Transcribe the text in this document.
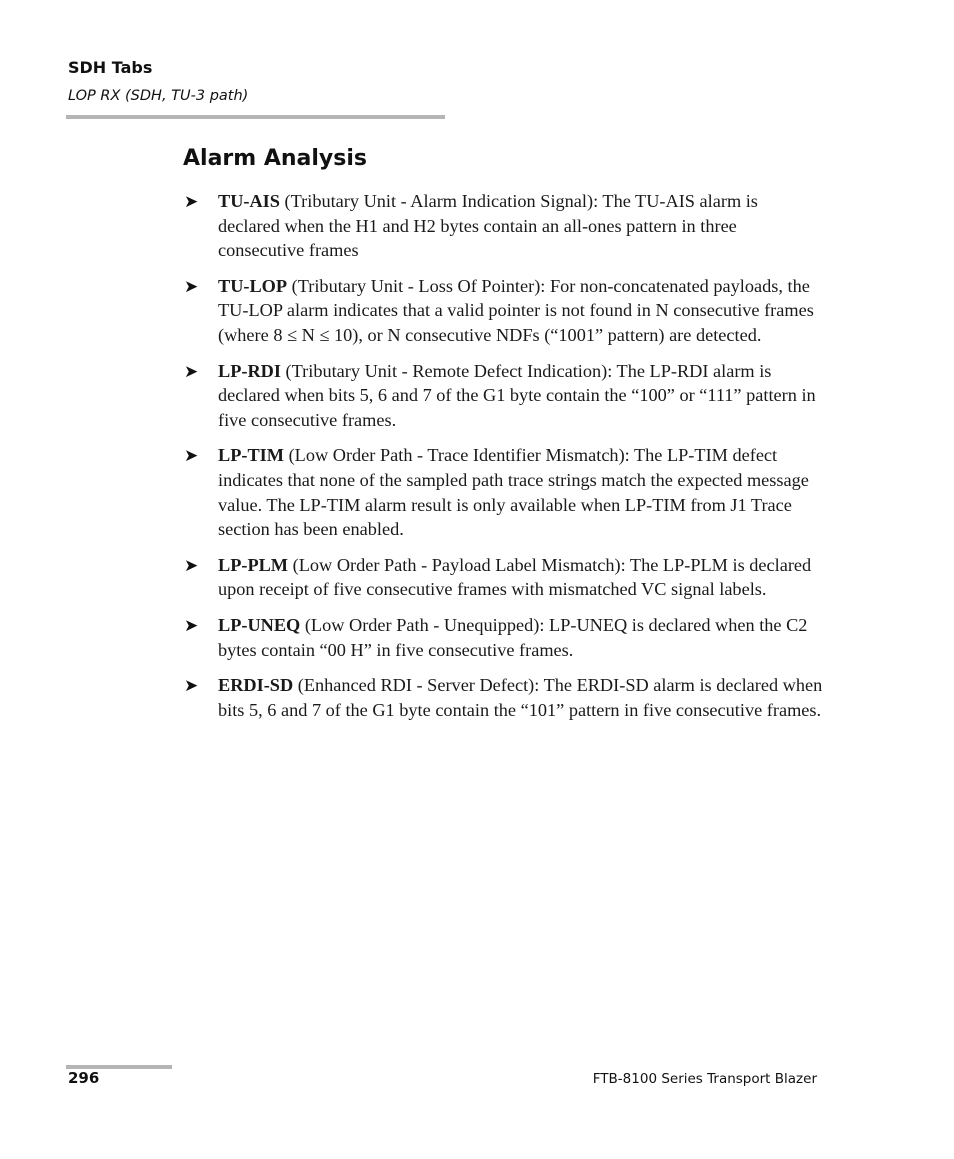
SDH Tabs
LOP RX (SDH, TU-3 path)
Alarm Analysis
➤ TU-AIS (Tributary Unit - Alarm Indication Signal): The TU-AIS alarm is declared when the H1 and H2 bytes contain an all-ones pattern in three consecutive frames
➤ TU-LOP (Tributary Unit - Loss Of Pointer): For non-concatenated payloads, the TU-LOP alarm indicates that a valid pointer is not found in N consecutive frames (where 8 ≤ N ≤ 10), or N consecutive NDFs (“1001” pattern) are detected.
➤ LP-RDI (Tributary Unit - Remote Defect Indication): The LP-RDI alarm is declared when bits 5, 6 and 7 of the G1 byte contain the “100” or “111” pattern in five consecutive frames.
➤ LP-TIM (Low Order Path - Trace Identifier Mismatch): The LP-TIM defect indicates that none of the sampled path trace strings match the expected message value. The LP-TIM alarm result is only available when LP-TIM from J1 Trace section has been enabled.
➤ LP-PLM (Low Order Path - Payload Label Mismatch): The LP-PLM is declared upon receipt of five consecutive frames with mismatched VC signal labels.
➤ LP-UNEQ (Low Order Path - Unequipped): LP-UNEQ is declared when the C2 bytes contain “00 H” in five consecutive frames.
➤ ERDI-SD (Enhanced RDI - Server Defect): The ERDI-SD alarm is declared when bits 5, 6 and 7 of the G1 byte contain the “101” pattern in five consecutive frames.
296	FTB-8100 Series Transport Blazer
